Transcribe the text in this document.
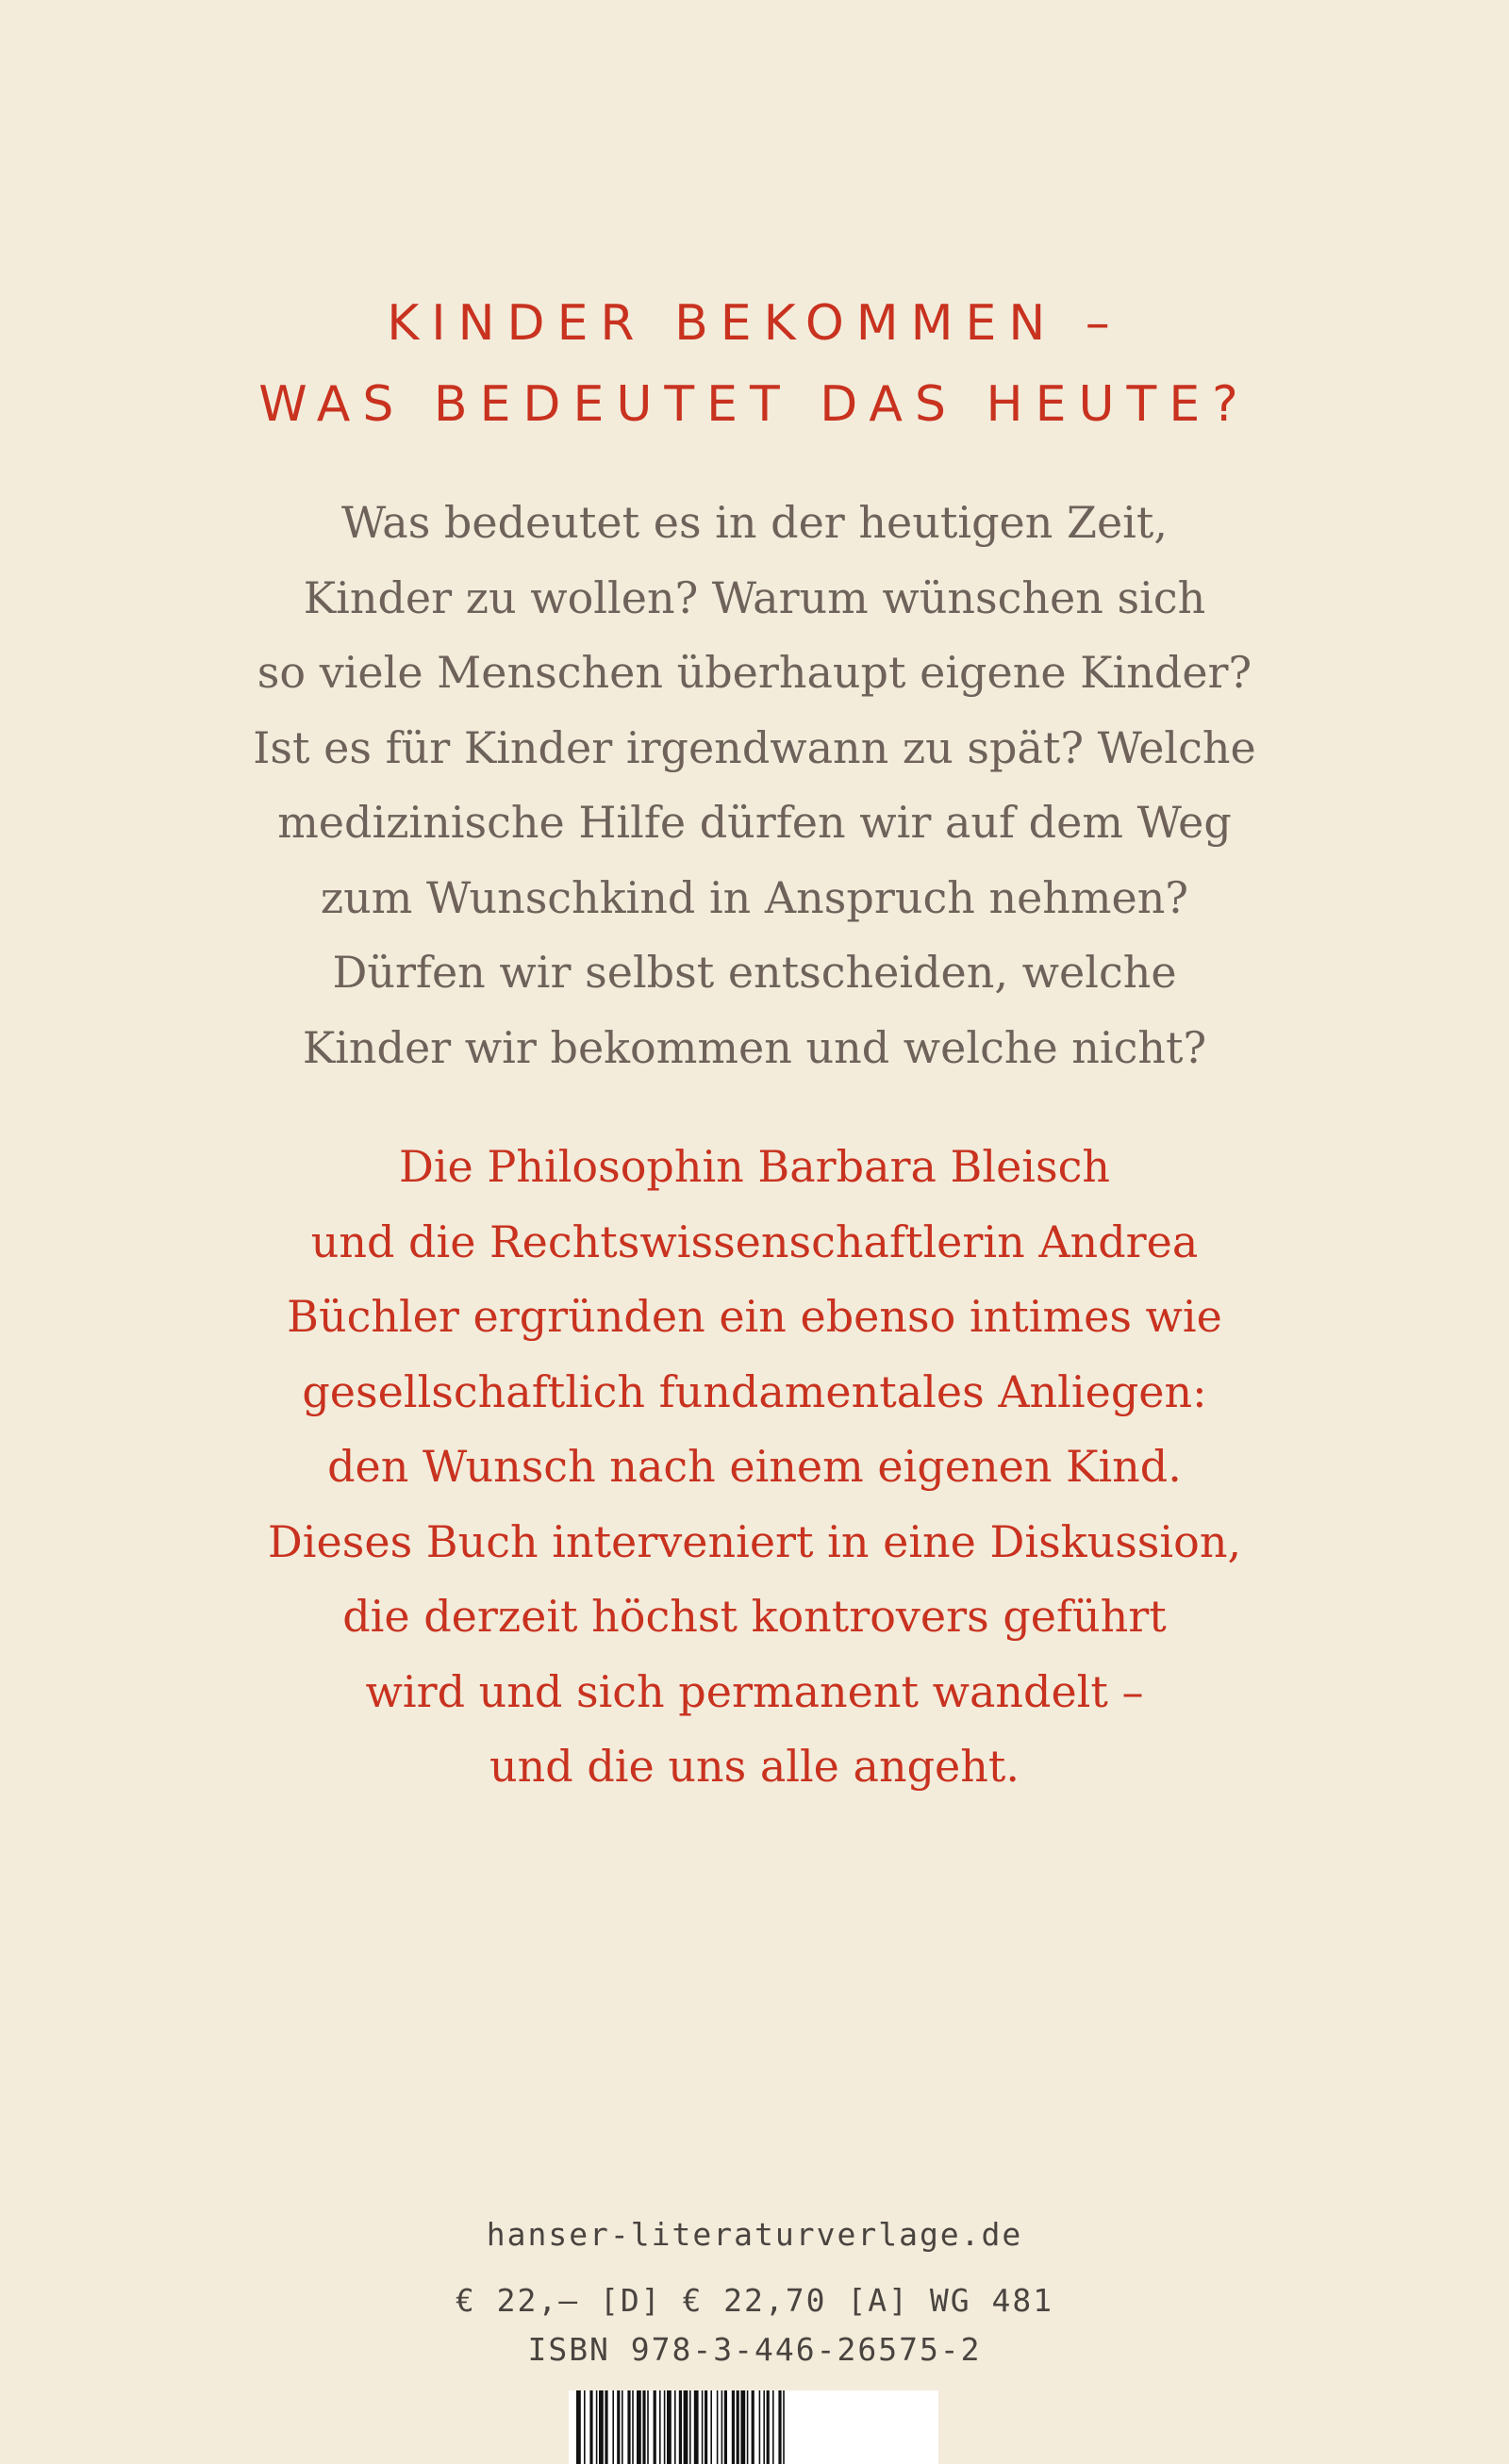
KINDER BEKOMMEN –
WAS BEDEUTET DAS HEUTE?
Was bedeutet es in der heutigen Zeit,
Kinder zu wollen? Warum wünschen sich
so viele Menschen überhaupt eigene Kinder?
Ist es für Kinder irgendwann zu spät? Welche
medizinische Hilfe dürfen wir auf dem Weg
zum Wunschkind in Anspruch nehmen?
Dürfen wir selbst entscheiden, welche
Kinder wir bekommen und welche nicht?
Die Philosophin Barbara Bleisch
und die Rechtswissenschaftlerin Andrea
Büchler ergründen ein ebenso intimes wie
gesellschaftlich fundamentales Anliegen:
den Wunsch nach einem eigenen Kind.
Dieses Buch interveniert in eine Diskussion,
die derzeit höchst kontrovers geführt
wird und sich permanent wandelt –
und die uns alle angeht.
hanser-literaturverlage.de
€ 22,– [D] € 22,70 [A] WG 481
ISBN 978-3-446-26575-2
